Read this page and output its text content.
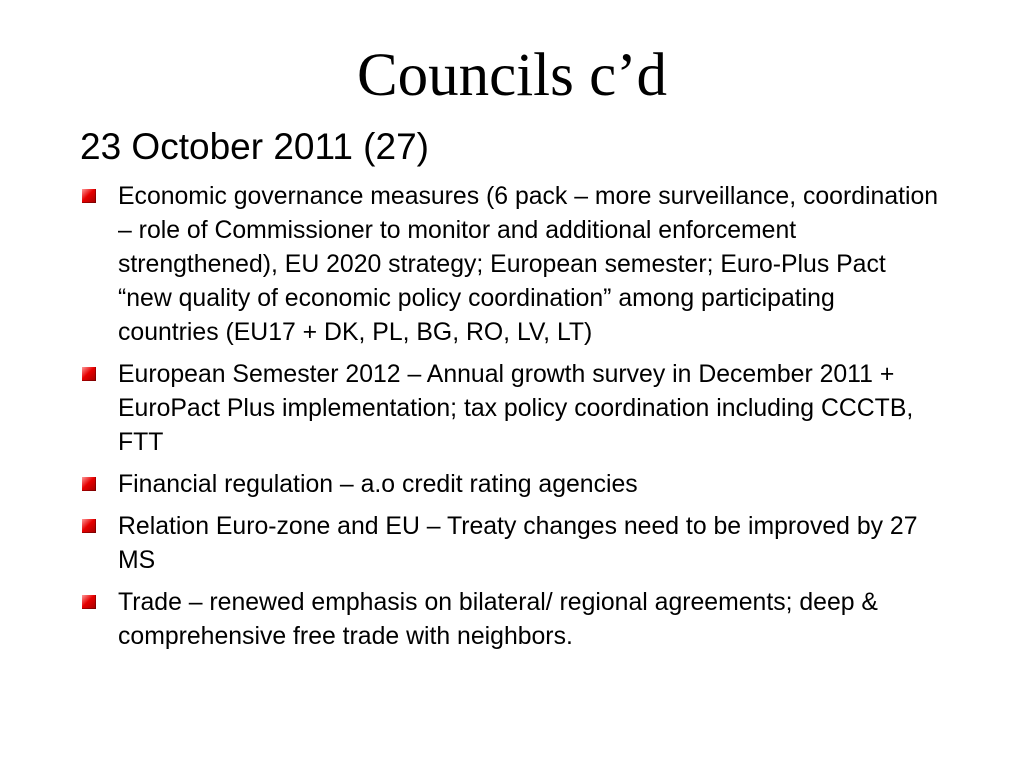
Councils c’d
23 October 2011 (27)
Economic governance measures (6 pack – more surveillance, coordination – role of Commissioner to monitor and additional enforcement strengthened), EU 2020 strategy; European semester; Euro-Plus Pact “new quality of economic policy coordination” among participating countries (EU17 + DK, PL, BG, RO, LV, LT)
European Semester 2012 – Annual growth survey in December 2011 + EuroPact Plus implementation; tax policy coordination including CCCTB, FTT
Financial regulation – a.o credit rating agencies
Relation Euro-zone and EU – Treaty changes need to be improved by 27 MS
Trade – renewed emphasis on bilateral/ regional agreements; deep & comprehensive free trade with neighbors.
